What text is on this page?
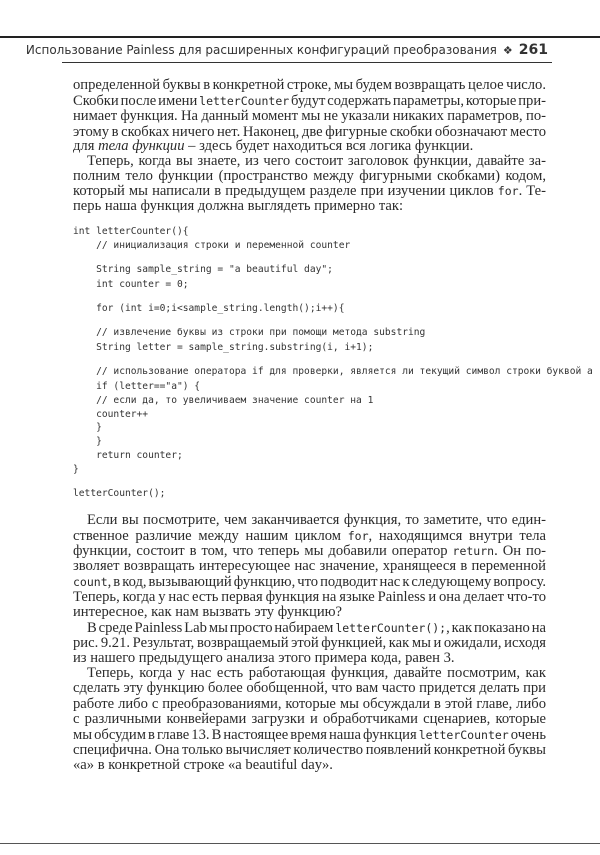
Использование Painless для расширенных конфигураций преобразования ❖ 261
определенной буквы в конкретной строке, мы будем возвращать целое число.
Скобки после имени letterCounter будут содержать параметры, которые при-
нимает функция. На данный момент мы не указали никаких параметров, по-
этому в скобках ничего нет. Наконец, две фигурные скобки обозначают место
для тела функции – здесь будет находиться вся логика функции.
Теперь, когда вы знаете, из чего состоит заголовок функции, давайте за-
полним тело функции (пространство между фигурными скобками) кодом,
который мы написали в предыдущем разделе при изучении циклов for. Те-
перь наша функция должна выглядеть примерно так:
Если вы посмотрите, чем заканчивается функция, то заметите, что един-
ственное различие между нашим циклом for, находящимся внутри тела
функции, состоит в том, что теперь мы добавили оператор return. Он по-
зволяет возвращать интересующее нас значение, хранящееся в переменной
count, в код, вызывающий функцию, что подводит нас к следующему вопросу.
Теперь, когда у нас есть первая функция на языке Painless и она делает что-то
интересное, как нам вызвать эту функцию?
В среде Painless Lab мы просто набираем letterCounter();, как показано на
рис. 9.21. Результат, возвращаемый этой функцией, как мы и ожидали, исходя
из нашего предыдущего анализа этого примера кода, равен 3.
Теперь, когда у нас есть работающая функция, давайте посмотрим, как
сделать эту функцию более обобщенной, что вам часто придется делать при
работе либо с преобразованиями, которые мы обсуждали в этой главе, либо
с различными конвейерами загрузки и обработчиками сценариев, которые
мы обсудим в главе 13. В настоящее время наша функция letterCounter очень
специфична. Она только вычисляет количество появлений конкретной буквы
«a» в конкретной строке «a beautiful day».
int letterCounter(){
// инициализация строки и переменной counter
String sample_string = "a beautiful day";
int counter = 0;
for (int i=0;i<sample_string.length();i++){
// извлечение буквы из строки при помощи метода substring
String letter = sample_string.substring(i, i+1);
// использование оператора if для проверки, является ли текущий символ строки буквой a
if (letter=="a") {
// если да, то увеличиваем значение counter на 1
counter++
}
}
return counter;
}
letterCounter();
